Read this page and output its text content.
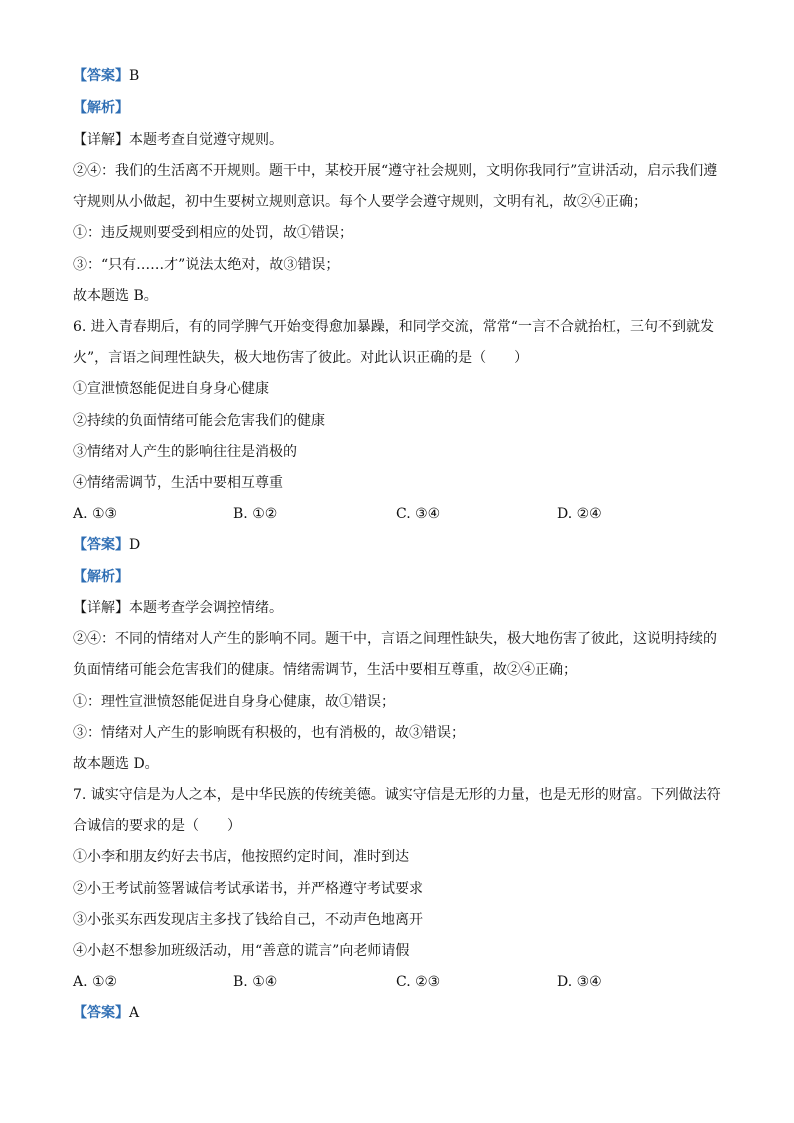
【答案】B
【解析】
【详解】本题考查自觉遵守规则。
②④：我们的生活离不开规则。题干中，某校开展“遵守社会规则，文明你我同行”宣讲活动，启示我们遵
守规则从小做起，初中生要树立规则意识。每个人要学会遵守规则，文明有礼，故②④正确；
①：违反规则要受到相应的处罚，故①错误；
③：“只有……才”说法太绝对，故③错误；
故本题选 B。
6. 进入青春期后，有的同学脾气开始变得愈加暴躁，和同学交流，常常“一言不合就抬杠，三句不到就发
火”，言语之间理性缺失，极大地伤害了彼此。对此认识正确的是（　　）
①宣泄愤怒能促进自身身心健康
②持续的负面情绪可能会危害我们的健康
③情绪对人产生的影响往往是消极的
④情绪需调节，生活中要相互尊重
A. ①③	B. ①②	C. ③④	D. ②④
【答案】D
【解析】
【详解】本题考查学会调控情绪。
②④：不同的情绪对人产生的影响不同。题干中，言语之间理性缺失，极大地伤害了彼此，这说明持续的
负面情绪可能会危害我们的健康。情绪需调节，生活中要相互尊重，故②④正确；
①：理性宣泄愤怒能促进自身身心健康，故①错误；
③：情绪对人产生的影响既有积极的，也有消极的，故③错误；
故本题选 D。
7. 诚实守信是为人之本，是中华民族的传统美德。诚实守信是无形的力量，也是无形的财富。下列做法符
合诚信的要求的是（　　）
①小李和朋友约好去书店，他按照约定时间，准时到达
②小王考试前签署诚信考试承诺书，并严格遵守考试要求
③小张买东西发现店主多找了钱给自己，不动声色地离开
④小赵不想参加班级活动，用“善意的谎言”向老师请假
A. ①②	B. ①④	C. ②③	D. ③④
【答案】A
